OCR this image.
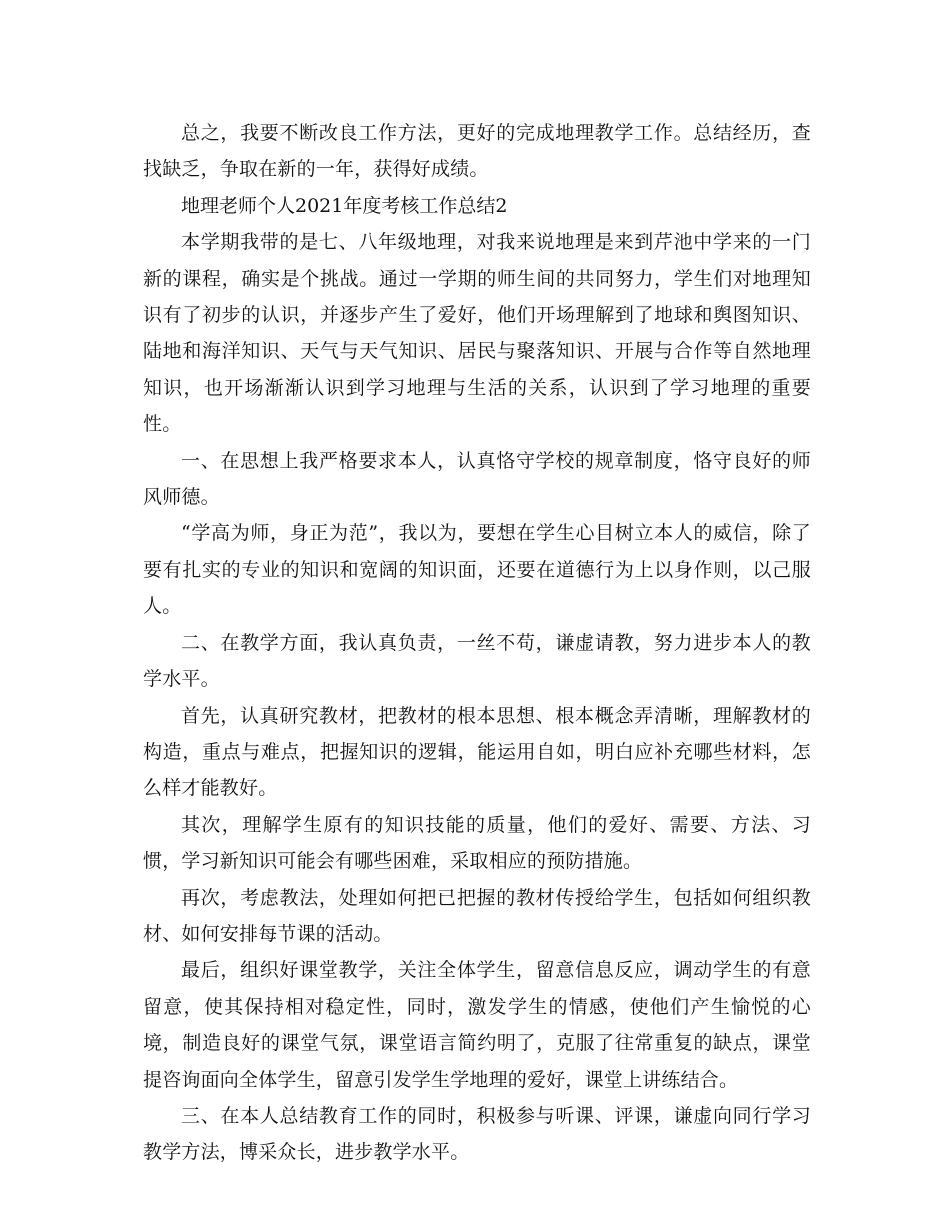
总之，我要不断改良工作方法，更好的完成地理教学工作。总结经历，查找缺乏，争取在新的一年，获得好成绩。

地理老师个人2021年度考核工作总结2

本学期我带的是七、八年级地理，对我来说地理是来到芹池中学来的一门新的课程，确实是个挑战。通过一学期的师生间的共同努力，学生们对地理知识有了初步的认识，并逐步产生了爱好，他们开场理解到了地球和舆图知识、陆地和海洋知识、天气与天气知识、居民与聚落知识、开展与合作等自然地理知识，也开场渐渐认识到学习地理与生活的关系，认识到了学习地理的重要性。

一、在思想上我严格要求本人，认真恪守学校的规章制度，恪守良好的师风师德。

“学高为师，身正为范”，我以为，要想在学生心目树立本人的威信，除了要有扎实的专业的知识和宽阔的知识面，还要在道德行为上以身作则，以己服人。

二、在教学方面，我认真负责，一丝不苟，谦虚请教，努力进步本人的教学水平。

首先，认真研究教材，把教材的根本思想、根本概念弄清晰，理解教材的构造，重点与难点，把握知识的逻辑，能运用自如，明白应补充哪些材料，怎么样才能教好。

其次，理解学生原有的知识技能的质量，他们的爱好、需要、方法、习惯，学习新知识可能会有哪些困难，采取相应的预防措施。

再次，考虑教法，处理如何把已把握的教材传授给学生，包括如何组织教材、如何安排每节课的活动。

最后，组织好课堂教学，关注全体学生，留意信息反应，调动学生的有意留意，使其保持相对稳定性，同时，激发学生的情感，使他们产生愉悦的心境，制造良好的课堂气氛，课堂语言简约明了，克服了往常重复的缺点，课堂提咨询面向全体学生，留意引发学生学地理的爱好，课堂上讲练结合。

三、在本人总结教育工作的同时，积极参与听课、评课，谦虚向同行学习教学方法，博采众长，进步教学水平。
